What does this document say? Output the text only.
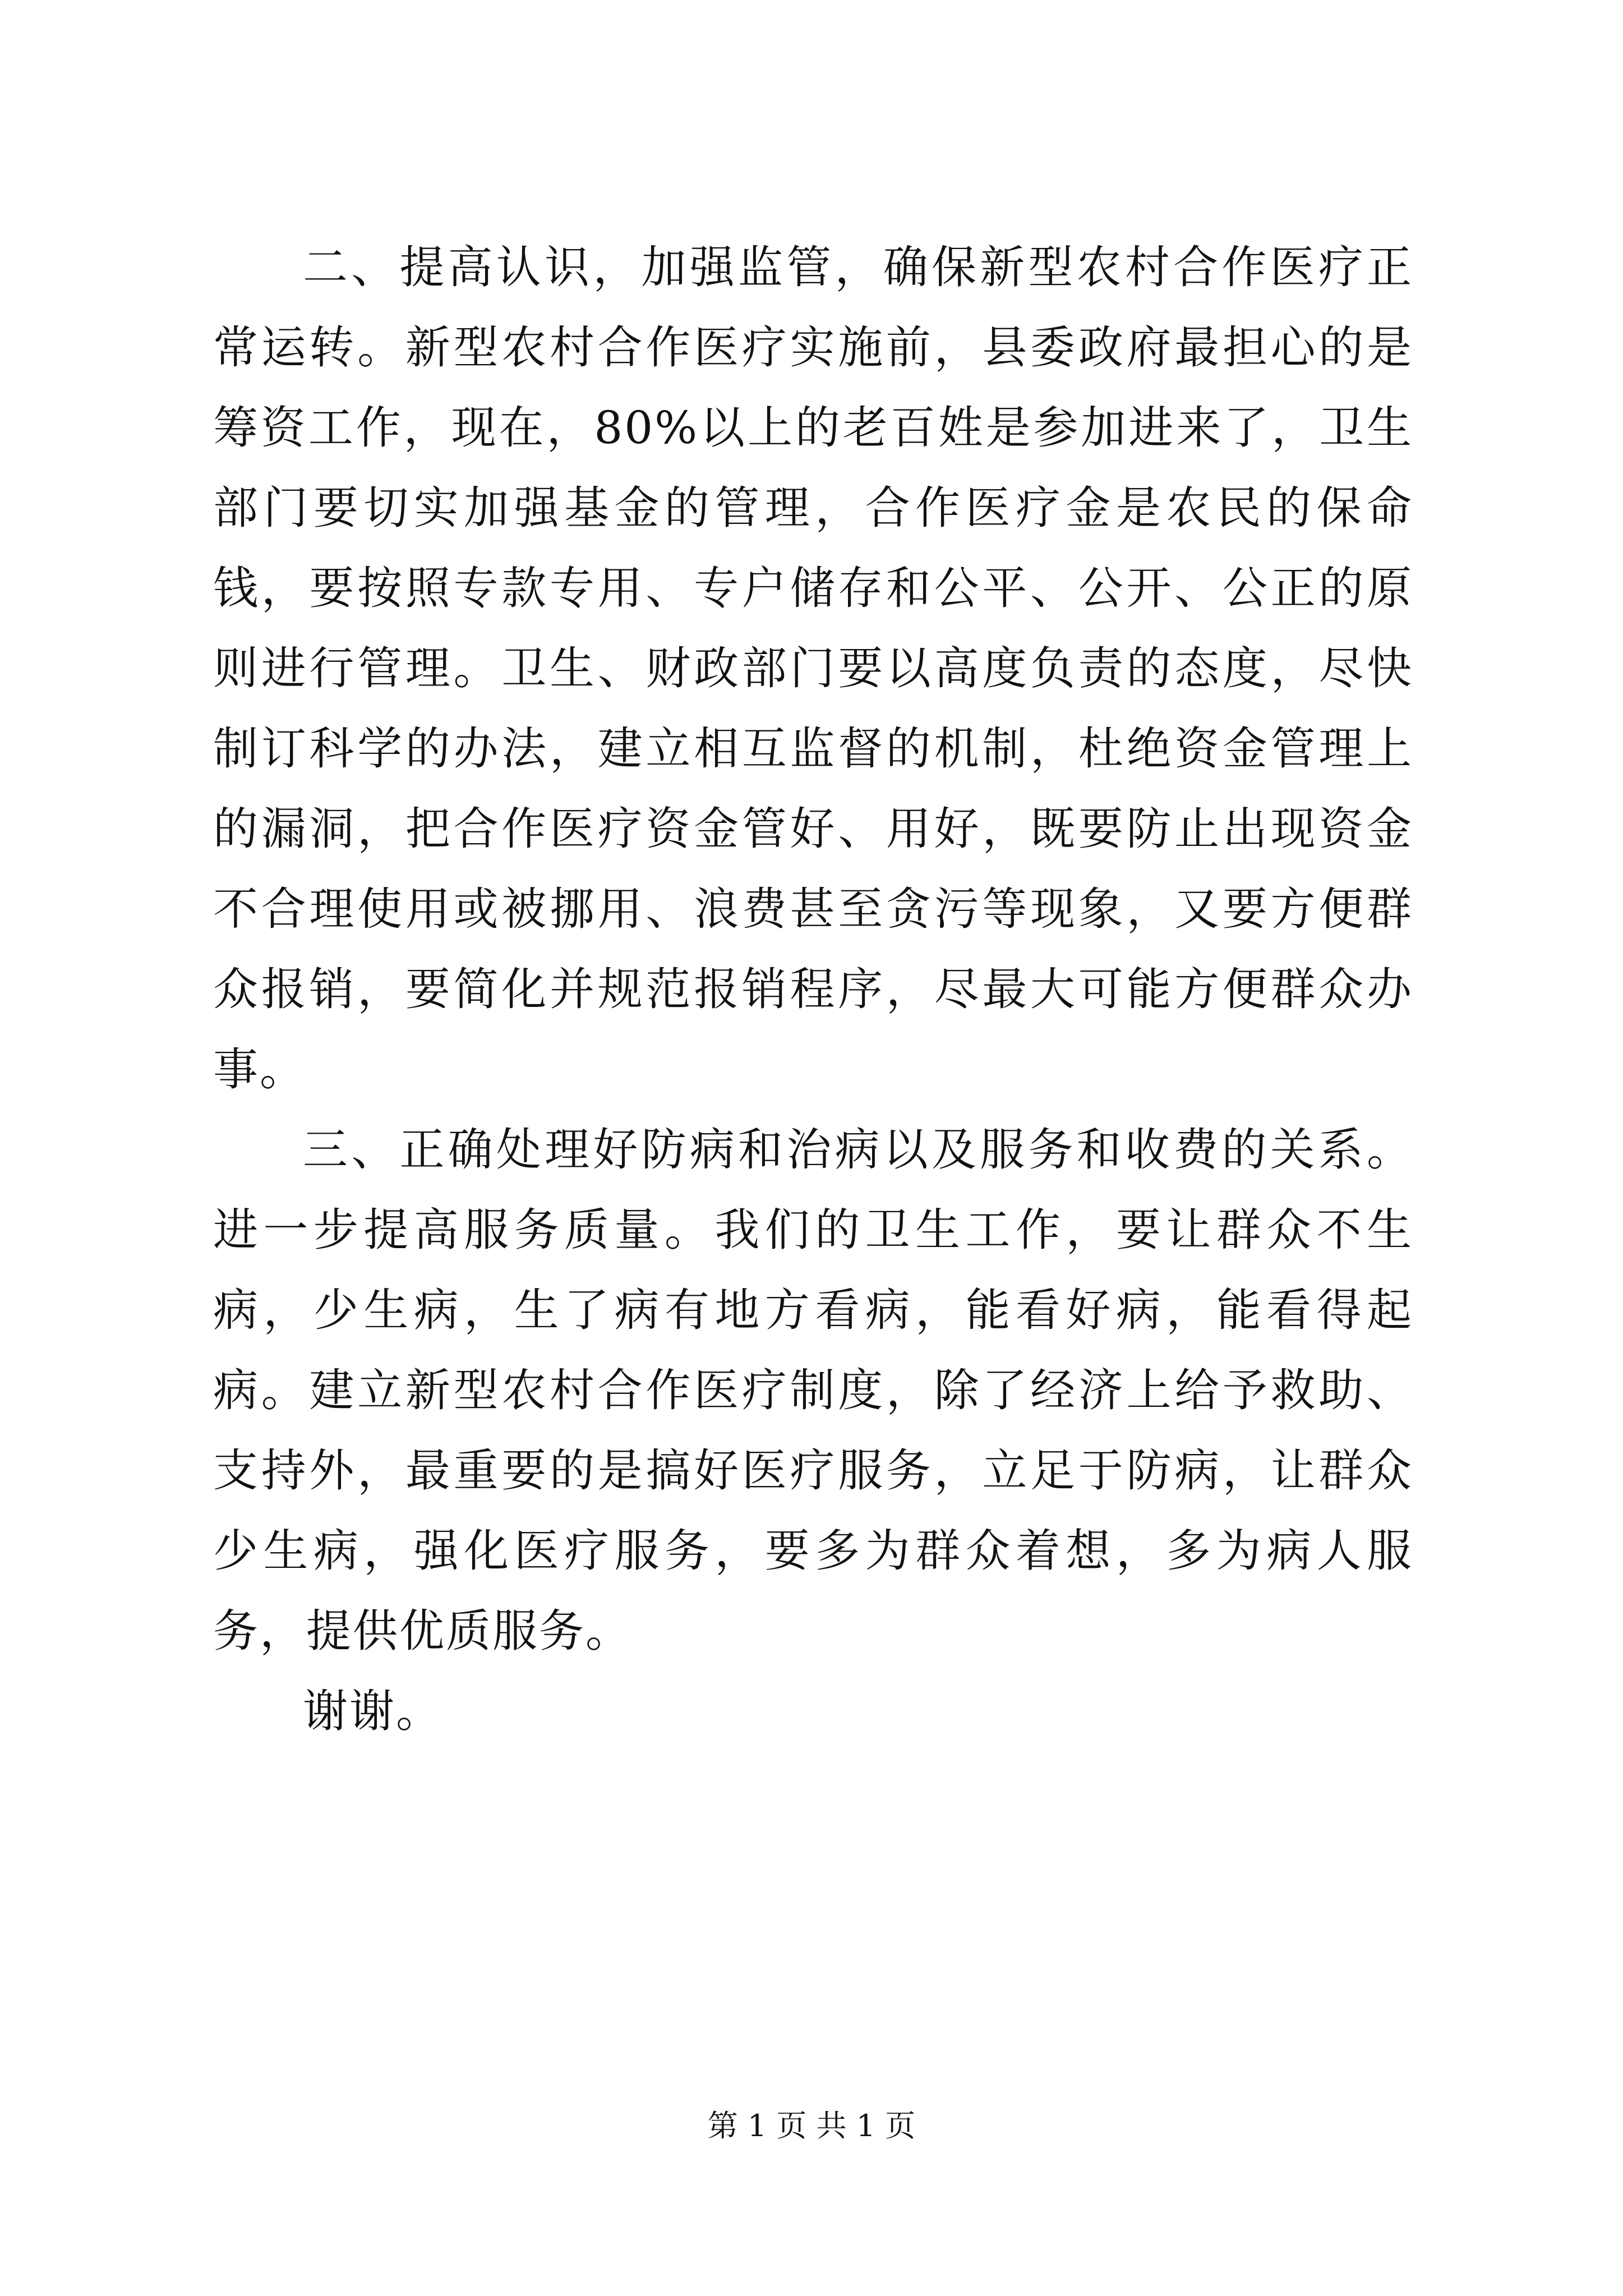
二、提高认识，加强监管，确保新型农村合作医疗正常运转。新型农村合作医疗实施前，县委政府最担心的是筹资工作，现在，80%以上的老百姓是参加进来了，卫生部门要切实加强基金的管理，合作医疗金是农民的保命钱，要按照专款专用、专户储存和公平、公开、公正的原则进行管理。卫生、财政部门要以高度负责的态度，尽快制订科学的办法，建立相互监督的机制，杜绝资金管理上的漏洞，把合作医疗资金管好、用好，既要防止出现资金不合理使用或被挪用、浪费甚至贪污等现象，又要方便群众报销，要简化并规范报销程序，尽最大可能方便群众办事。

三、正确处理好防病和治病以及服务和收费的关系。进一步提高服务质量。我们的卫生工作，要让群众不生病，少生病，生了病有地方看病，能看好病，能看得起病。建立新型农村合作医疗制度，除了经济上给予救助、支持外，最重要的是搞好医疗服务，立足于防病，让群众少生病，强化医疗服务，要多为群众着想，多为病人服务，提供优质服务。

谢谢。

第 1 页 共 1 页
